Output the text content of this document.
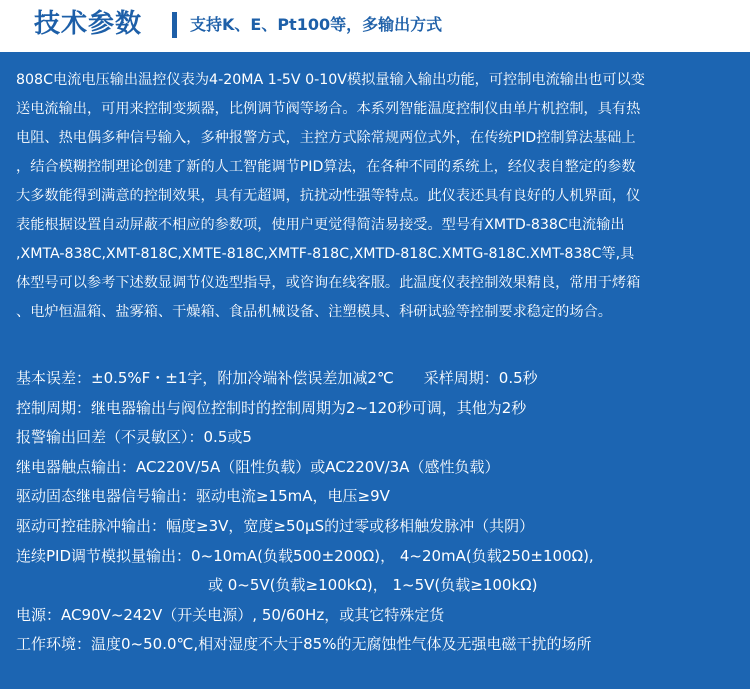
技术参数	支持K、E、Pt100等，多输出方式

808C电流电压输出温控仪表为4-20MA 1-5V 0-10V模拟量输入输出功能，可控制电流输出也可以变
送电流输出，可用来控制变频器，比例调节阀等场合。本系列智能温度控制仪由单片机控制，具有热
电阻、热电偶多种信号输入，多种报警方式，主控方式除常规两位式外，在传统PID控制算法基础上
，结合模糊控制理论创建了新的人工智能调节PID算法，在各种不同的系统上，经仪表自整定的参数
大多数能得到满意的控制效果，具有无超调，抗扰动性强等特点。此仪表还具有良好的人机界面，仪
表能根据设置自动屏蔽不相应的参数项，使用户更觉得简洁易接受。型号有XMTD-838C电流输出
,XMTA-838C,XMT-818C,XMTE-818C,XMTF-818C,XMTD-818C.XMTG-818C.XMT-838C等,具
体型号可以参考下述数显调节仪选型指导，或咨询在线客服。此温度仪表控制效果精良，常用于烤箱
、电炉恒温箱、盐雾箱、干燥箱、食品机械设备、注塑模具、科研试验等控制要求稳定的场合。

基本误差：±0.5%F・±1字，附加冷端补偿误差加减2℃　　采样周期：0.5秒
控制周期：继电器输出与阀位控制时的控制周期为2~120秒可调，其他为2秒
报警输出回差（不灵敏区）：0.5或5
继电器触点输出：AC220V/5A（阻性负载）或AC220V/3A（感性负载）
驱动固态继电器信号输出：驱动电流≥15mA，电压≥9V
驱动可控硅脉冲输出：幅度≥3V，宽度≥50μS的过零或移相触发脉冲（共阴）
连续PID调节模拟量输出：0~10mA(负载500±200Ω)， 4~20mA(负载250±100Ω),
或 0~5V(负载≥100kΩ)， 1~5V(负载≥100kΩ)
电源：AC90V~242V（开关电源）, 50/60Hz，或其它特殊定货
工作环境：温度0~50.0℃,相对湿度不大于85%的无腐蚀性气体及无强电磁干扰的场所
